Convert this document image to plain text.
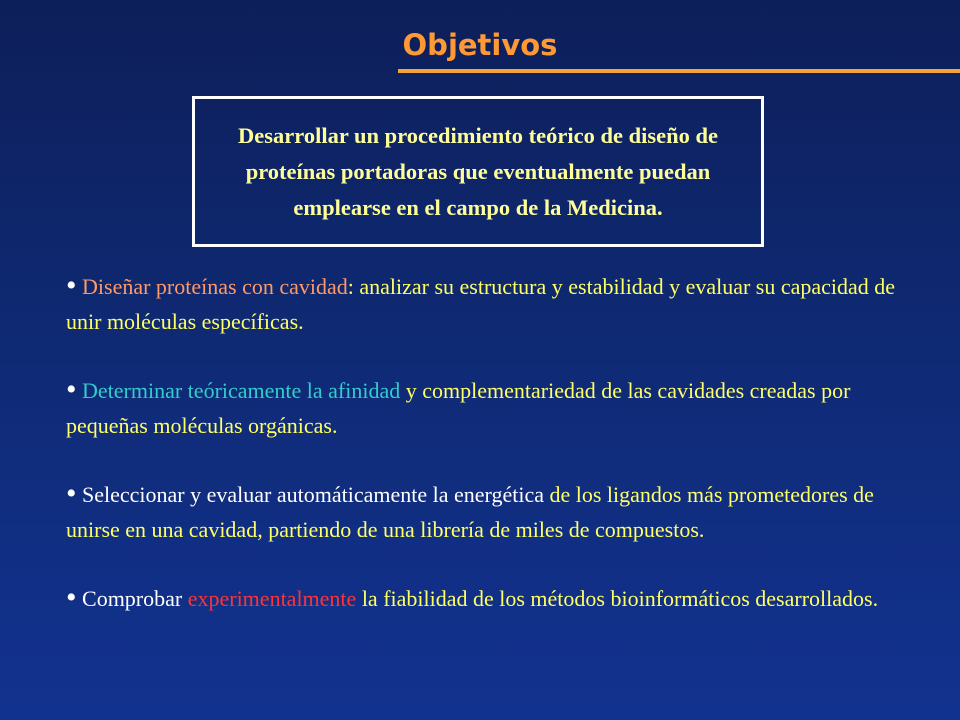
Objetivos
Desarrollar un procedimiento teórico de diseño de proteínas portadoras que eventualmente puedan emplearse en el campo de la Medicina.

• Diseñar proteínas con cavidad: analizar su estructura y estabilidad y evaluar su capacidad de unir moléculas específicas.

• Determinar teóricamente la afinidad y complementariedad de las cavidades creadas por pequeñas moléculas orgánicas.

• Seleccionar y evaluar automáticamente la energética de los ligandos más prometedores de unirse en una cavidad, partiendo de una librería de miles de compuestos.

• Comprobar experimentalmente la fiabilidad de los métodos bioinformáticos desarrollados.
